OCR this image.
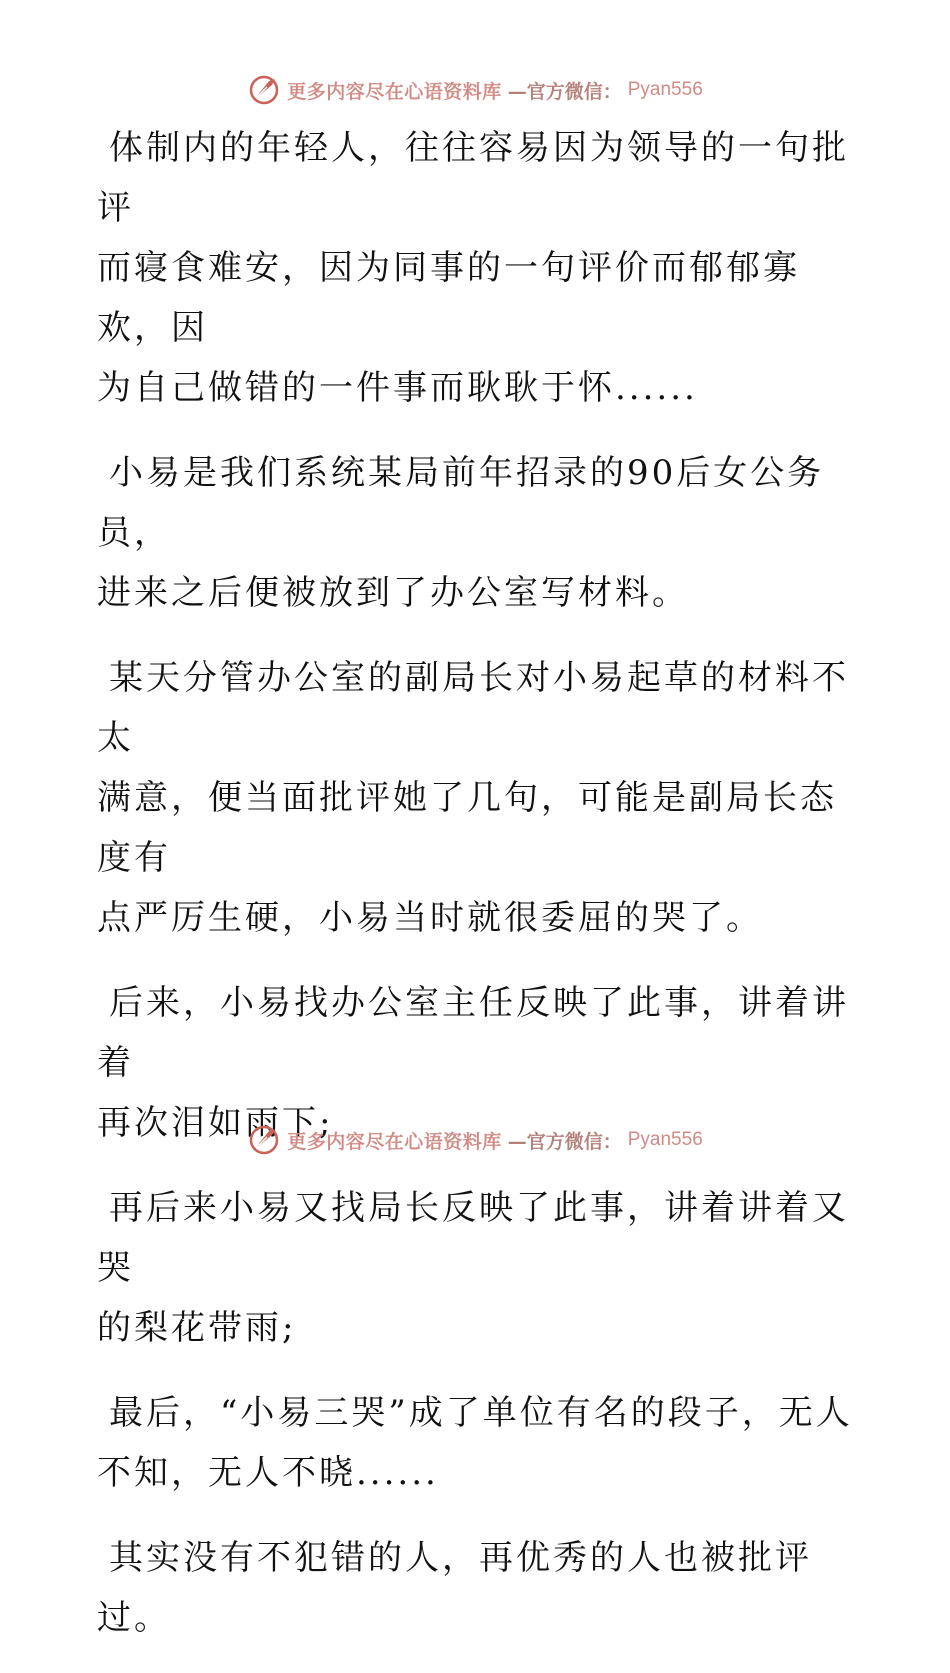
更多内容尽在心语资料库 —官方微信： Pyan556

体制内的年轻人，往往容易因为领导的一句批评
而寝食难安，因为同事的一句评价而郁郁寡欢，因
为自己做错的一件事而耿耿于怀......

小易是我们系统某局前年招录的90后女公务员，
进来之后便被放到了办公室写材料。

某天分管办公室的副局长对小易起草的材料不太
满意，便当面批评她了几句，可能是副局长态度有
点严厉生硬，小易当时就很委屈的哭了。

后来，小易找办公室主任反映了此事，讲着讲着
再次泪如雨下;

再后来小易又找局长反映了此事，讲着讲着又哭
的梨花带雨;

最后，“小易三哭”成了单位有名的段子，无人
不知，无人不晓......

其实没有不犯错的人，再优秀的人也被批评过。

更多内容尽在心语资料库 —官方微信： Pyan556
